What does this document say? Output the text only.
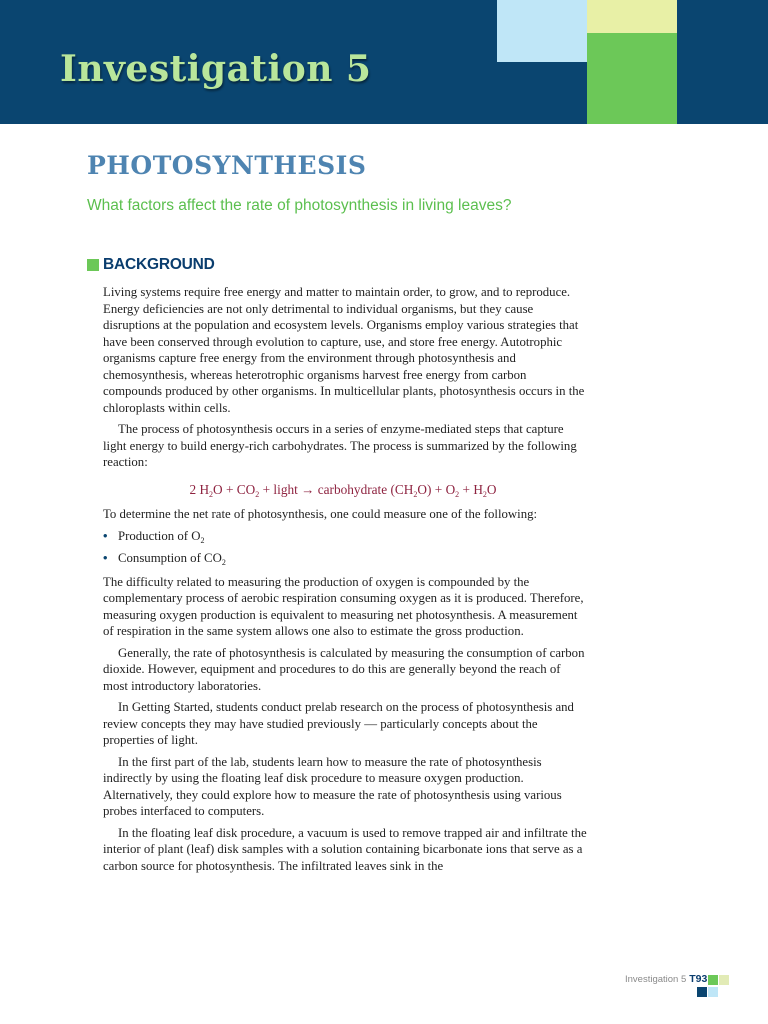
Investigation 5
PHOTOSYNTHESIS

What factors affect the rate of photosynthesis in living leaves?

BACKGROUND

Living systems require free energy and matter to maintain order, to grow, and to reproduce. Energy deficiencies are not only detrimental to individual organisms, but they cause disruptions at the population and ecosystem levels. Organisms employ various strategies that have been conserved through evolution to capture, use, and store free energy. Autotrophic organisms capture free energy from the environment through photosynthesis and chemosynthesis, whereas heterotrophic organisms harvest free energy from carbon compounds produced by other organisms. In multicellular plants, photosynthesis occurs in the chloroplasts within cells.

The process of photosynthesis occurs in a series of enzyme-mediated steps that capture light energy to build energy-rich carbohydrates. The process is summarized by the following reaction:

2 $H_2O + CO_2$ + light → carbohydrate $(CH_2O) + O_2 + H_2O$

To determine the net rate of photosynthesis, one could measure one of the following:

• Production of $O_2$
• Consumption of $CO_2$

The difficulty related to measuring the production of oxygen is compounded by the complementary process of aerobic respiration consuming oxygen as it is produced. Therefore, measuring oxygen production is equivalent to measuring net photosynthesis. A measurement of respiration in the same system allows one also to estimate the gross production.

Generally, the rate of photosynthesis is calculated by measuring the consumption of carbon dioxide. However, equipment and procedures to do this are generally beyond the reach of most introductory laboratories.

In Getting Started, students conduct prelab research on the process of photosynthesis and review concepts they may have studied previously — particularly concepts about the properties of light.

In the first part of the lab, students learn how to measure the rate of photosynthesis indirectly by using the floating leaf disk procedure to measure oxygen production. Alternatively, they could explore how to measure the rate of photosynthesis using various probes interfaced to computers.

In the floating leaf disk procedure, a vacuum is used to remove trapped air and infiltrate the interior of plant (leaf) disk samples with a solution containing bicarbonate ions that serve as a carbon source for photosynthesis. The infiltrated leaves sink in the

Investigation 5 T93
